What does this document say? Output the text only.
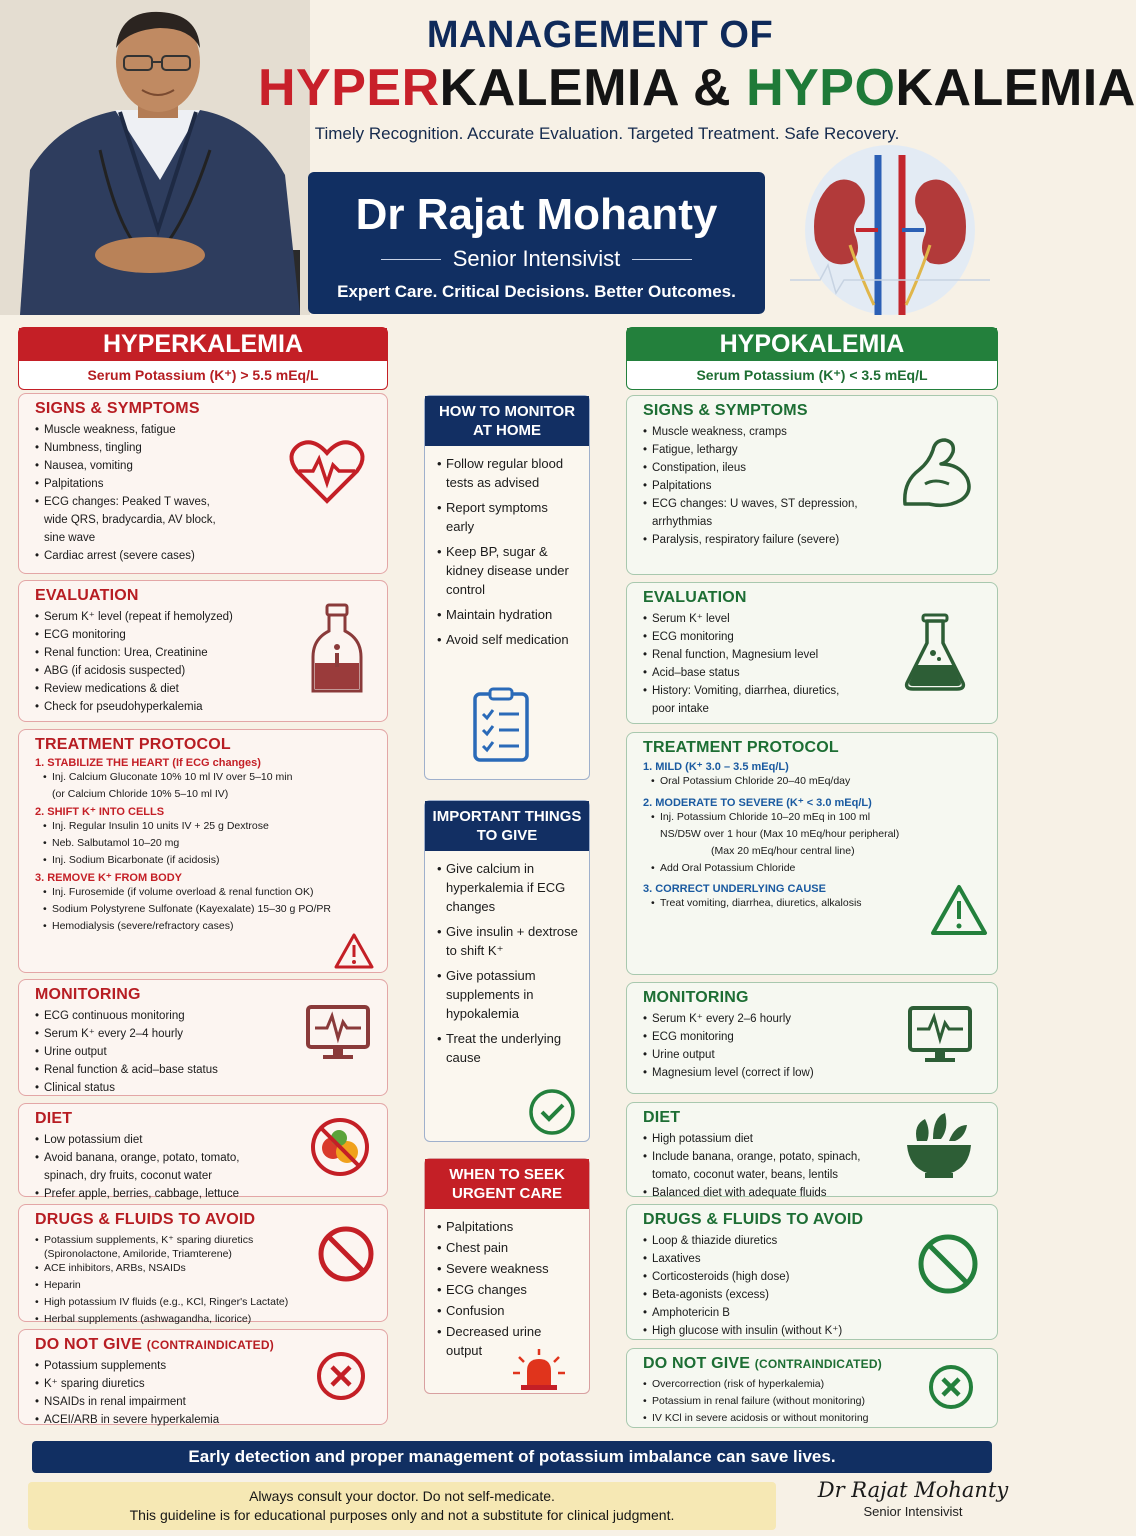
MANAGEMENT OF
HYPERKALEMIA & HYPOKALEMIA
Timely Recognition. Accurate Evaluation. Targeted Treatment. Safe Recovery.
Dr Rajat Mohanty
Senior Intensivist
Expert Care. Critical Decisions. Better Outcomes.
HYPERKALEMIA
Serum Potassium (K⁺) > 5.5 mEq/L
HYPOKALEMIA
Serum Potassium (K⁺) < 3.5 mEq/L
SIGNS & SYMPTOMS
• Muscle weakness, fatigue
• Numbness, tingling
• Nausea, vomiting
• Palpitations
• ECG changes: Peaked T waves,
wide QRS, bradycardia, AV block,
sine wave
• Cardiac arrest (severe cases)
EVALUATION
• Serum K⁺ level (repeat if hemolyzed)
• ECG monitoring
• Renal function: Urea, Creatinine
• ABG (if acidosis suspected)
• Review medications & diet
• Check for pseudohyperkalemia
TREATMENT PROTOCOL
1. STABILIZE THE HEART (If ECG changes)
• Inj. Calcium Gluconate 10% 10 ml IV over 5–10 min
(or Calcium Chloride 10% 5–10 ml IV)
2. SHIFT K⁺ INTO CELLS
• Inj. Regular Insulin 10 units IV + 25 g Dextrose
• Neb. Salbutamol 10–20 mg
• Inj. Sodium Bicarbonate (if acidosis)
3. REMOVE K⁺ FROM BODY
• Inj. Furosemide (if volume overload & renal function OK)
• Sodium Polystyrene Sulfonate (Kayexalate) 15–30 g PO/PR
• Hemodialysis (severe/refractory cases)
MONITORING
• ECG continuous monitoring
• Serum K⁺ every 2–4 hourly
• Urine output
• Renal function & acid–base status
• Clinical status
DIET
• Low potassium diet
• Avoid banana, orange, potato, tomato,
spinach, dry fruits, coconut water
• Prefer apple, berries, cabbage, lettuce
DRUGS & FLUIDS TO AVOID
• Potassium supplements, K⁺ sparing diuretics
(Spironolactone, Amiloride, Triamterene)
• ACE inhibitors, ARBs, NSAIDs
• Heparin
• High potassium IV fluids (e.g., KCl, Ringer's Lactate)
• Herbal supplements (ashwagandha, licorice)
DO NOT GIVE (CONTRAINDICATED)
• Potassium supplements
• K⁺ sparing diuretics
• NSAIDs in renal impairment
• ACEI/ARB in severe hyperkalemia
HOW TO MONITOR AT HOME
• Follow regular blood tests as advised
• Report symptoms early
• Keep BP, sugar & kidney disease under control
• Maintain hydration
• Avoid self medication
IMPORTANT THINGS TO GIVE
• Give calcium in hyperkalemia if ECG changes
• Give insulin + dextrose to shift K⁺
• Give potassium supplements in hypokalemia
• Treat the underlying cause
WHEN TO SEEK URGENT CARE
• Palpitations
• Chest pain
• Severe weakness
• ECG changes
• Confusion
• Decreased urine output
SIGNS & SYMPTOMS
• Muscle weakness, cramps
• Fatigue, lethargy
• Constipation, ileus
• Palpitations
• ECG changes: U waves, ST depression,
arrhythmias
• Paralysis, respiratory failure (severe)
EVALUATION
• Serum K⁺ level
• ECG monitoring
• Renal function, Magnesium level
• Acid–base status
• History: Vomiting, diarrhea, diuretics,
poor intake
TREATMENT PROTOCOL
1. MILD (K⁺ 3.0 – 3.5 mEq/L)
• Oral Potassium Chloride 20–40 mEq/day
2. MODERATE TO SEVERE (K⁺ < 3.0 mEq/L)
• Inj. Potassium Chloride 10–20 mEq in 100 ml
NS/D5W over 1 hour (Max 10 mEq/hour peripheral)
(Max 20 mEq/hour central line)
• Add Oral Potassium Chloride
3. CORRECT UNDERLYING CAUSE
• Treat vomiting, diarrhea, diuretics, alkalosis
MONITORING
• Serum K⁺ every 2–6 hourly
• ECG monitoring
• Urine output
• Magnesium level (correct if low)
DIET
• High potassium diet
• Include banana, orange, potato, spinach,
tomato, coconut water, beans, lentils
• Balanced diet with adequate fluids
DRUGS & FLUIDS TO AVOID
• Loop & thiazide diuretics
• Laxatives
• Corticosteroids (high dose)
• Beta-agonists (excess)
• Amphotericin B
• High glucose with insulin (without K⁺)
DO NOT GIVE (CONTRAINDICATED)
• Overcorrection (risk of hyperkalemia)
• Potassium in renal failure (without monitoring)
• IV KCl in severe acidosis or without monitoring
Early detection and proper management of potassium imbalance can save lives.
Always consult your doctor. Do not self-medicate.
This guideline is for educational purposes only and not a substitute for clinical judgment.
Dr Rajat Mohanty
Senior Intensivist
